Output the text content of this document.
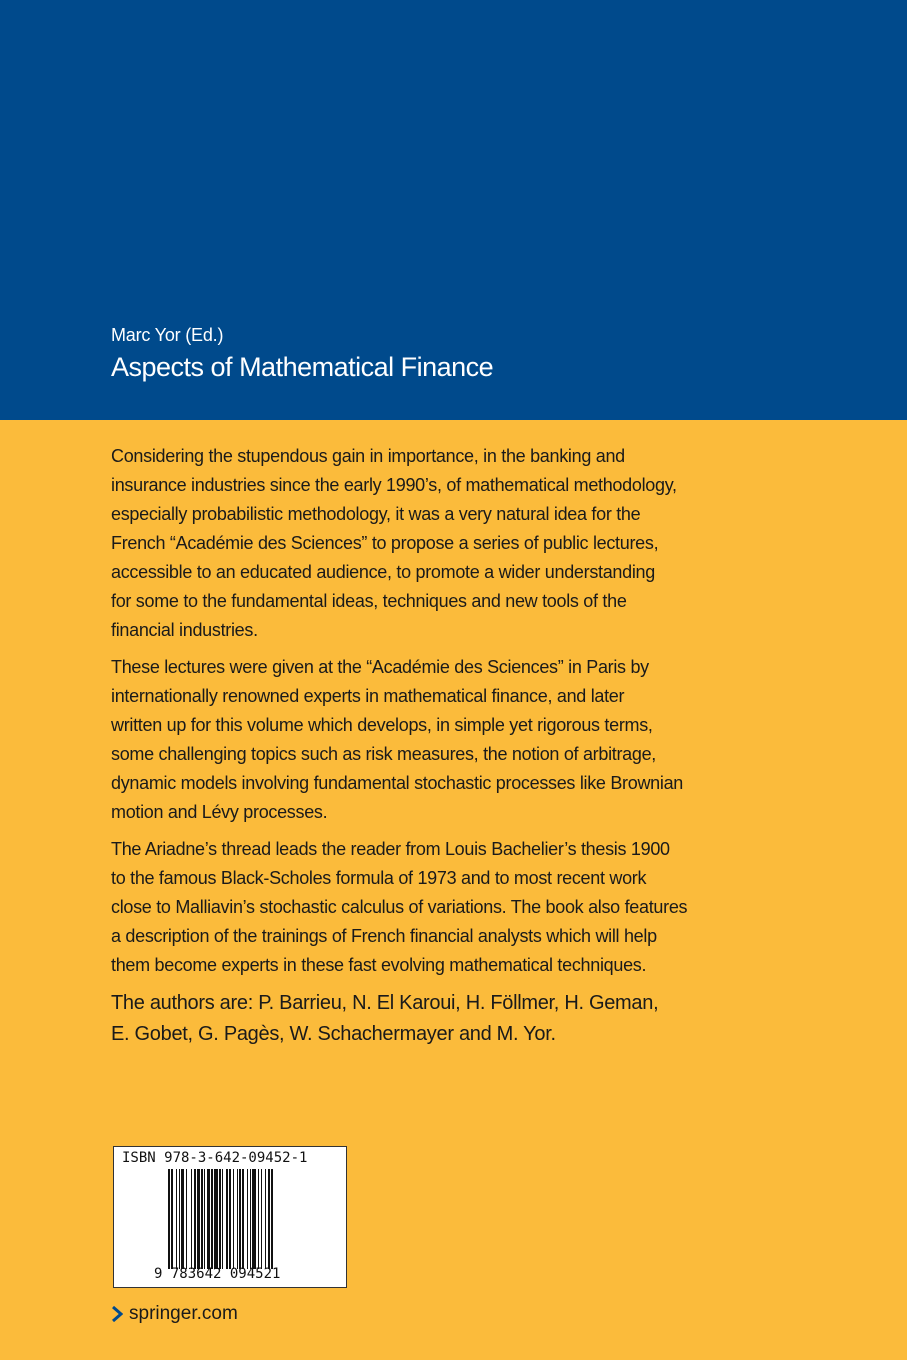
Marc Yor (Ed.)
Aspects of Mathematical Finance

Considering the stupendous gain in importance, in the banking and
insurance industries since the early 1990’s, of mathematical methodology,
especially probabilistic methodology, it was a very natural idea for the
French “Académie des Sciences” to propose a series of public lectures,
accessible to an educated audience, to promote a wider understanding
for some to the fundamental ideas, techniques and new tools of the
financial industries.

These lectures were given at the “Académie des Sciences” in Paris by
internationally renowned experts in mathematical finance, and later
written up for this volume which develops, in simple yet rigorous terms,
some challenging topics such as risk measures, the notion of arbitrage,
dynamic models involving fundamental stochastic processes like Brownian
motion and Lévy processes.

The Ariadne’s thread leads the reader from Louis Bachelier’s thesis 1900
to the famous Black-Scholes formula of 1973 and to most recent work
close to Malliavin’s stochastic calculus of variations. The book also features
a description of the trainings of French financial analysts which will help
them become experts in these fast evolving mathematical techniques.

The authors are: P. Barrieu, N. El Karoui, H. Föllmer, H. Geman,
E. Gobet, G. Pagès, W. Schachermayer and M. Yor.

ISBN 978-3-642-09452-1
9 783642 094521
springer.com
